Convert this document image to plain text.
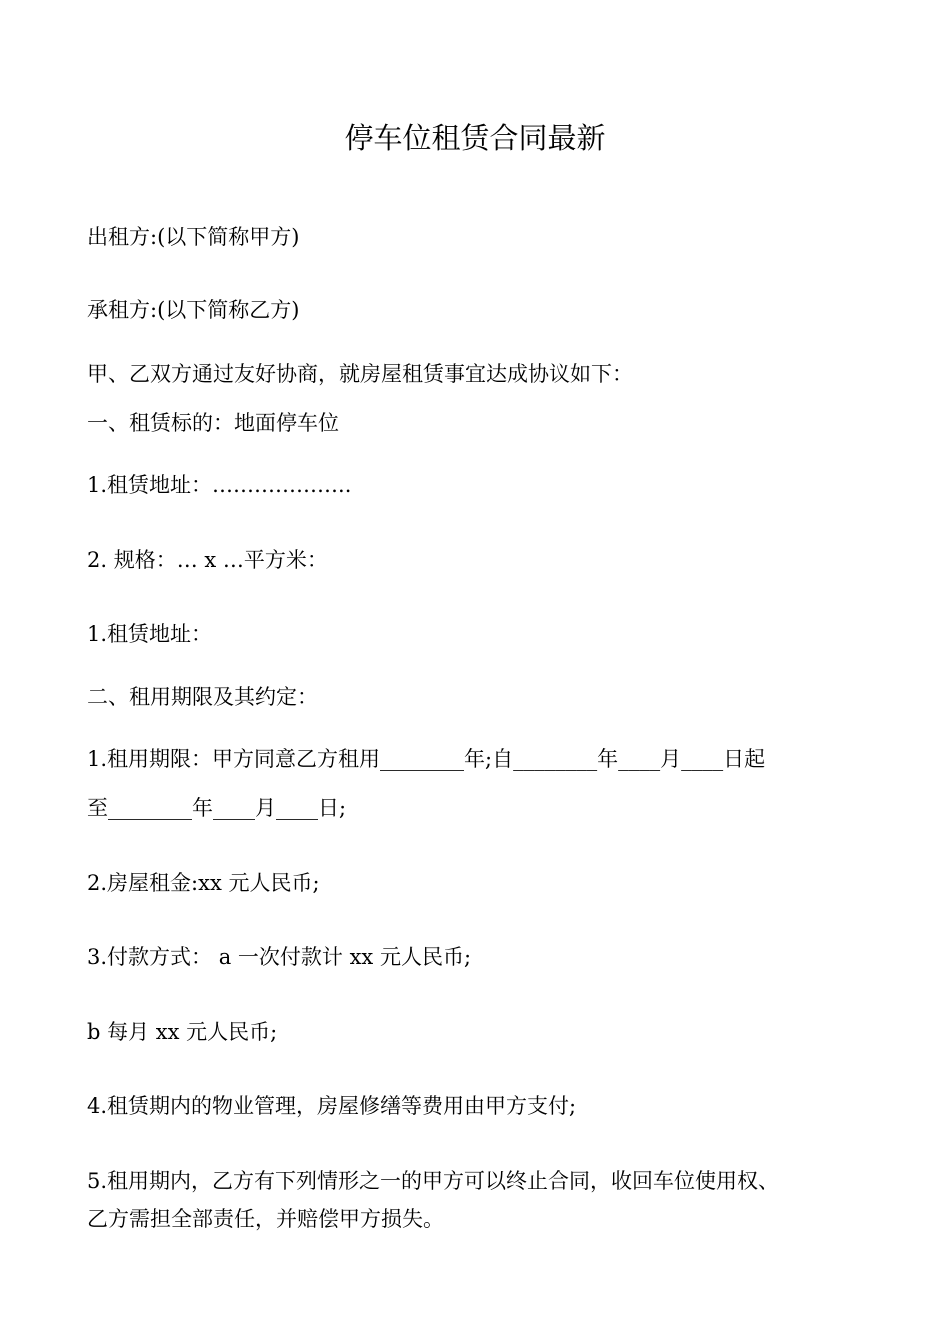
停车位租赁合同最新
出租方:(以下简称甲方)
承租方:(以下简称乙方)
甲、乙双方通过友好协商，就房屋租赁事宜达成协议如下：
一、租赁标的：地面停车位
1.租赁地址：………………..
2. 规格：… x …平方米：
1.租赁地址：
二、租用期限及其约定：
1.租用期限：甲方同意乙方租用________年;自________年____月____日起
至________年____月____日;
2.房屋租金:xx 元人民币;
3.付款方式： a 一次付款计 xx 元人民币;
b 每月 xx 元人民币;
4.租赁期内的物业管理，房屋修缮等费用由甲方支付;
5.租用期内，乙方有下列情形之一的甲方可以终止合同，收回车位使用权、
乙方需担全部责任，并赔偿甲方损失。
